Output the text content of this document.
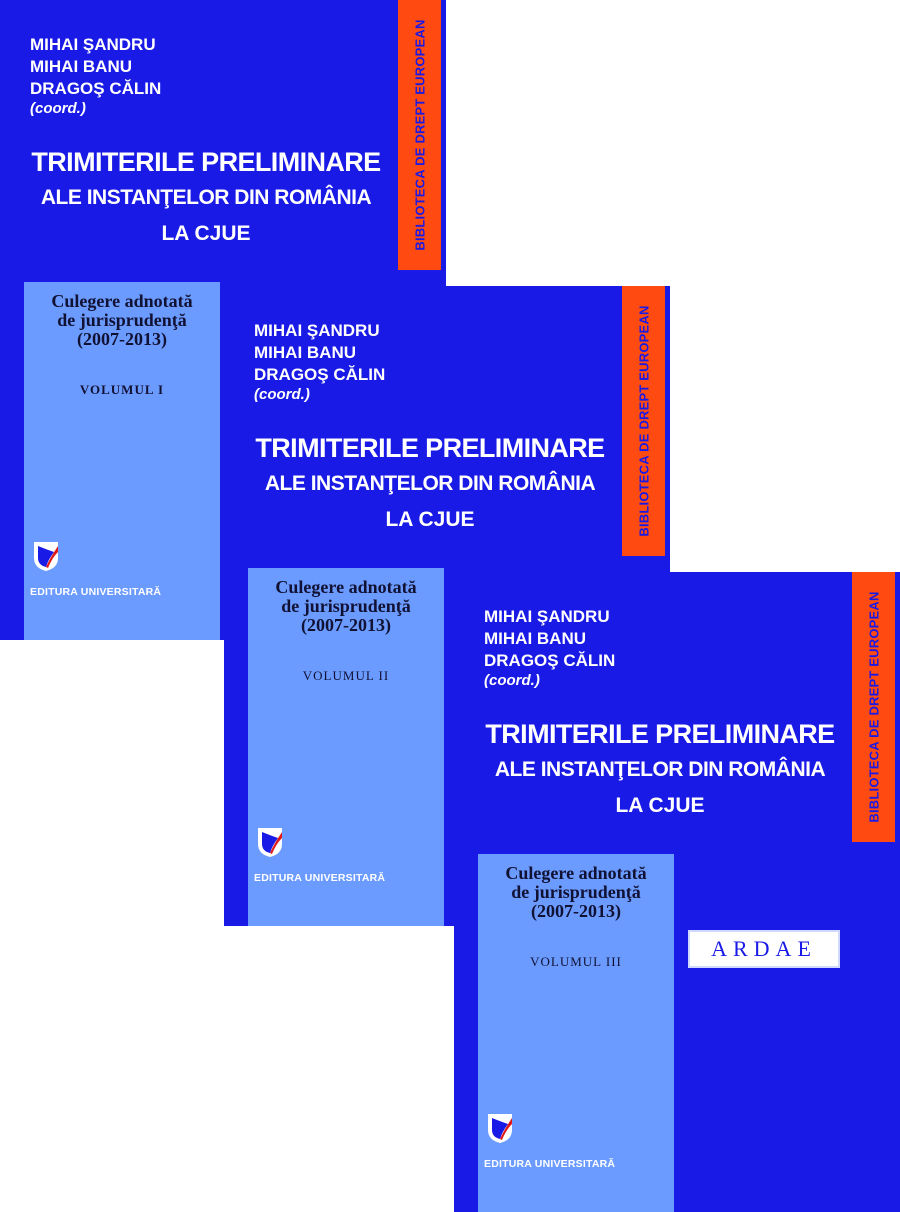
BIBLIOTECA DE DREPT EUROPEAN
MIHAI ŞANDRU
MIHAI BANU
DRAGOŞ CĂLIN
(coord.)
TRIMITERILE PRELIMINARE
ALE INSTANŢELOR DIN ROMÂNIA
LA CJUE
Culegere adnotată
de jurisprudenţă
(2007-2013)
VOLUMUL I
EDITURA UNIVERSITARĂ
BIBLIOTECA DE DREPT EUROPEAN
MIHAI ŞANDRU
MIHAI BANU
DRAGOŞ CĂLIN
(coord.)
TRIMITERILE PRELIMINARE
ALE INSTANŢELOR DIN ROMÂNIA
LA CJUE
Culegere adnotată
de jurisprudenţă
(2007-2013)
VOLUMUL II
EDITURA UNIVERSITARĂ
BIBLIOTECA DE DREPT EUROPEAN
MIHAI ŞANDRU
MIHAI BANU
DRAGOŞ CĂLIN
(coord.)
TRIMITERILE PRELIMINARE
ALE INSTANŢELOR DIN ROMÂNIA
LA CJUE
Culegere adnotată
de jurisprudenţă
(2007-2013)
VOLUMUL III
EDITURA UNIVERSITARĂ
ARDAE
